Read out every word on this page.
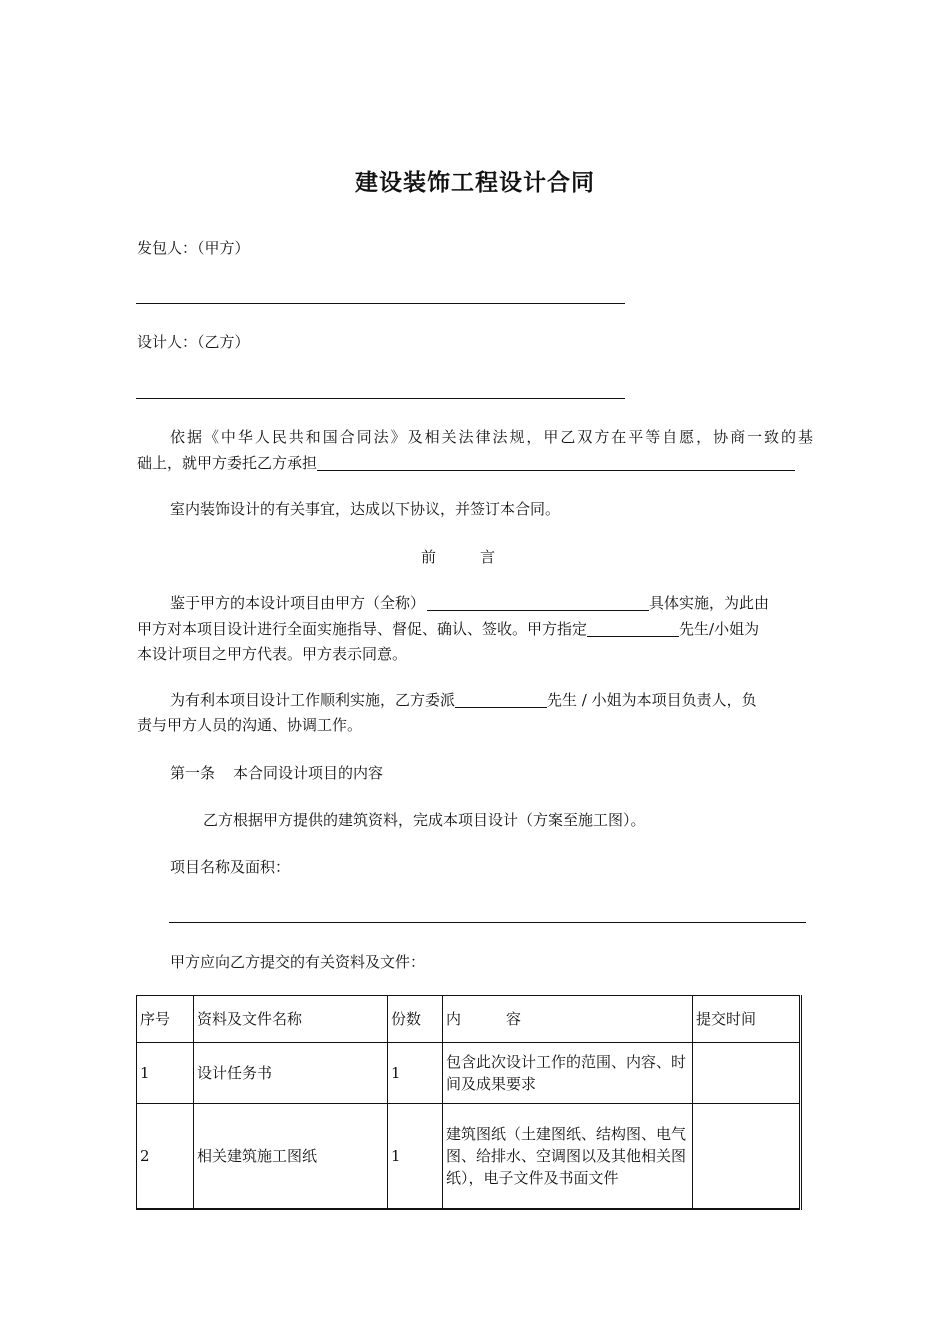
建设装饰工程设计合同
发包人：（甲方）
设计人：（乙方）
依据《中华人民共和国合同法》及相关法律法规，甲乙双方在平等自愿，协商一致的基
础上，就甲方委托乙方承担
室内装饰设计的有关事宜，达成以下协议，并签订本合同。
前	言
鉴于甲方的本设计项目由甲方（全称）	具体实施，为此由
甲方对本项目设计进行全面实施指导、督促、确认、签收。甲方指定	先生/小姐为
本设计项目之甲方代表。甲方表示同意。
为有利本项目设计工作顺利实施，乙方委派	先生 / 小姐为本项目负责人，负
责与甲方人员的沟通、协调工作。
第一条 本合同设计项目的内容
乙方根据甲方提供的建筑资料，完成本项目设计（方案至施工图）。
项目名称及面积：
甲方应向乙方提交的有关资料及文件：
序号	资料及文件名称	份数	内　　　容	提交时间
1	设计任务书	1	包含此次设计工作的范围、内容、时间及成果要求	
2	相关建筑施工图纸	1	建筑图纸（土建图纸、结构图、电气图、给排水、空调图以及其他相关图纸），电子文件及书面文件	
